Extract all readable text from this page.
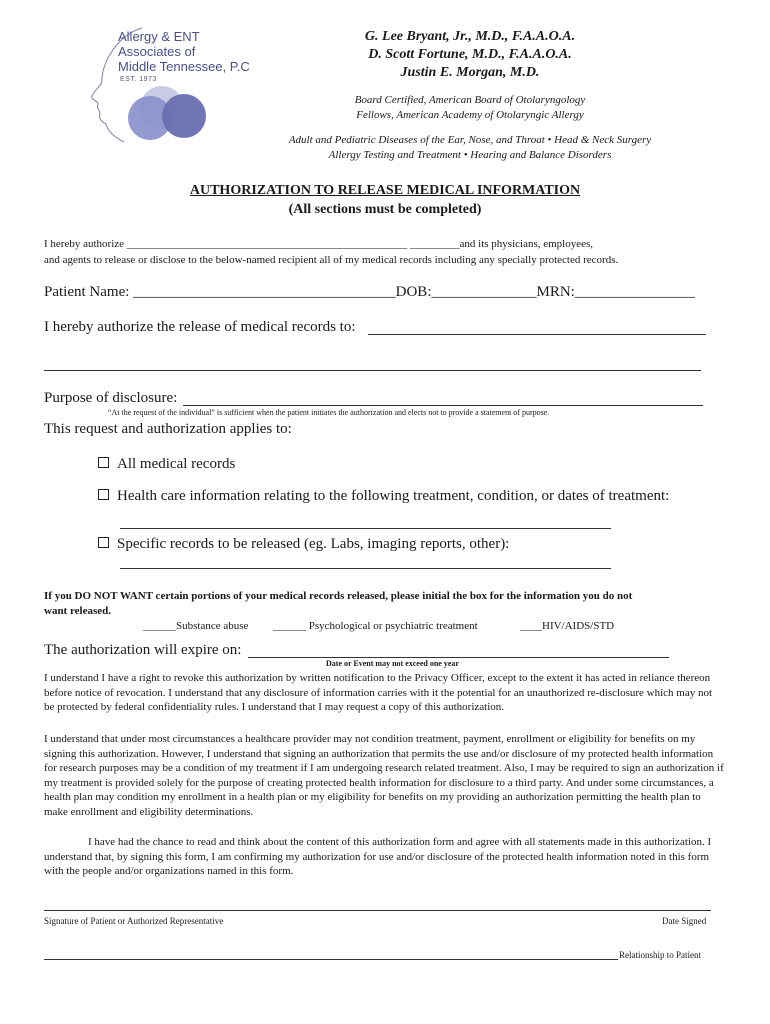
Allergy & ENT
Associates of
Middle Tennessee, P.C
EST. 1973
G. Lee Bryant, Jr., M.D., F.A.A.O.A.
D. Scott Fortune, M.D., F.A.A.O.A.
Justin E. Morgan, M.D.
Board Certified, American Board of Otolaryngology
Fellows, American Academy of Otolaryngic Allergy
Adult and Pediatric Diseases of the Ear, Nose, and Throat • Head & Neck Surgery
Allergy Testing and Treatment • Hearing and Balance Disorders
AUTHORIZATION TO RELEASE MEDICAL INFORMATION
(All sections must be completed)
I hereby authorize ___________________________________________________ _________and its physicians, employees,
and agents to release or disclose to the below-named recipient all of my medical records including any specially protected records.
Patient Name: ___________________________________DOB:______________MRN:________________
I hereby authorize the release of medical records to:
Purpose of disclosure:
“At the request of the individual” is sufficient when the patient initiates the authorization and elects not to provide a statement of purpose.
This request and authorization applies to:
All medical records
Health care information relating to the following treatment, condition, or dates of treatment:
Specific records to be released (eg. Labs, imaging reports, other):
If you DO NOT WANT certain portions of your medical records released, please initial the box for the information you do not
want released.
______Substance abuse ______ Psychological or psychiatric treatment	____HIV/AIDS/STD
The authorization will expire on:
Date or Event may not exceed one year
I understand I have a right to revoke this authorization by written notification to the Privacy Officer, except to the extent it has acted in reliance thereon before notice of revocation. I understand that any disclosure of information carries with it the potential for an unauthorized re-disclosure which may not be protected by federal confidentiality rules. I understand that I may request a copy of this authorization.
I understand that under most circumstances a healthcare provider may not condition treatment, payment, enrollment or eligibility for benefits on my signing this authorization. However, I understand that signing an authorization that permits the use and/or disclosure of my protected health information for research purposes may be a condition of my treatment if I am undergoing research related treatment. Also, I may be required to sign an authorization if my treatment is provided solely for the purpose of creating protected health information for disclosure to a third party. And under some circumstances, a health plan may condition my enrollment in a health plan or my eligibility for benefits on my providing an authorization permitting the health plan to make enrollment and eligibility determinations.
I have had the chance to read and think about the content of this authorization form and agree with all statements made in this authorization. I understand that, by signing this form, I am confirming my authorization for use and/or disclosure of the protected health information noted in this form with the people and/or organizations named in this form.
Signature of Patient or Authorized Representative	Date Signed
Relationship to Patient
